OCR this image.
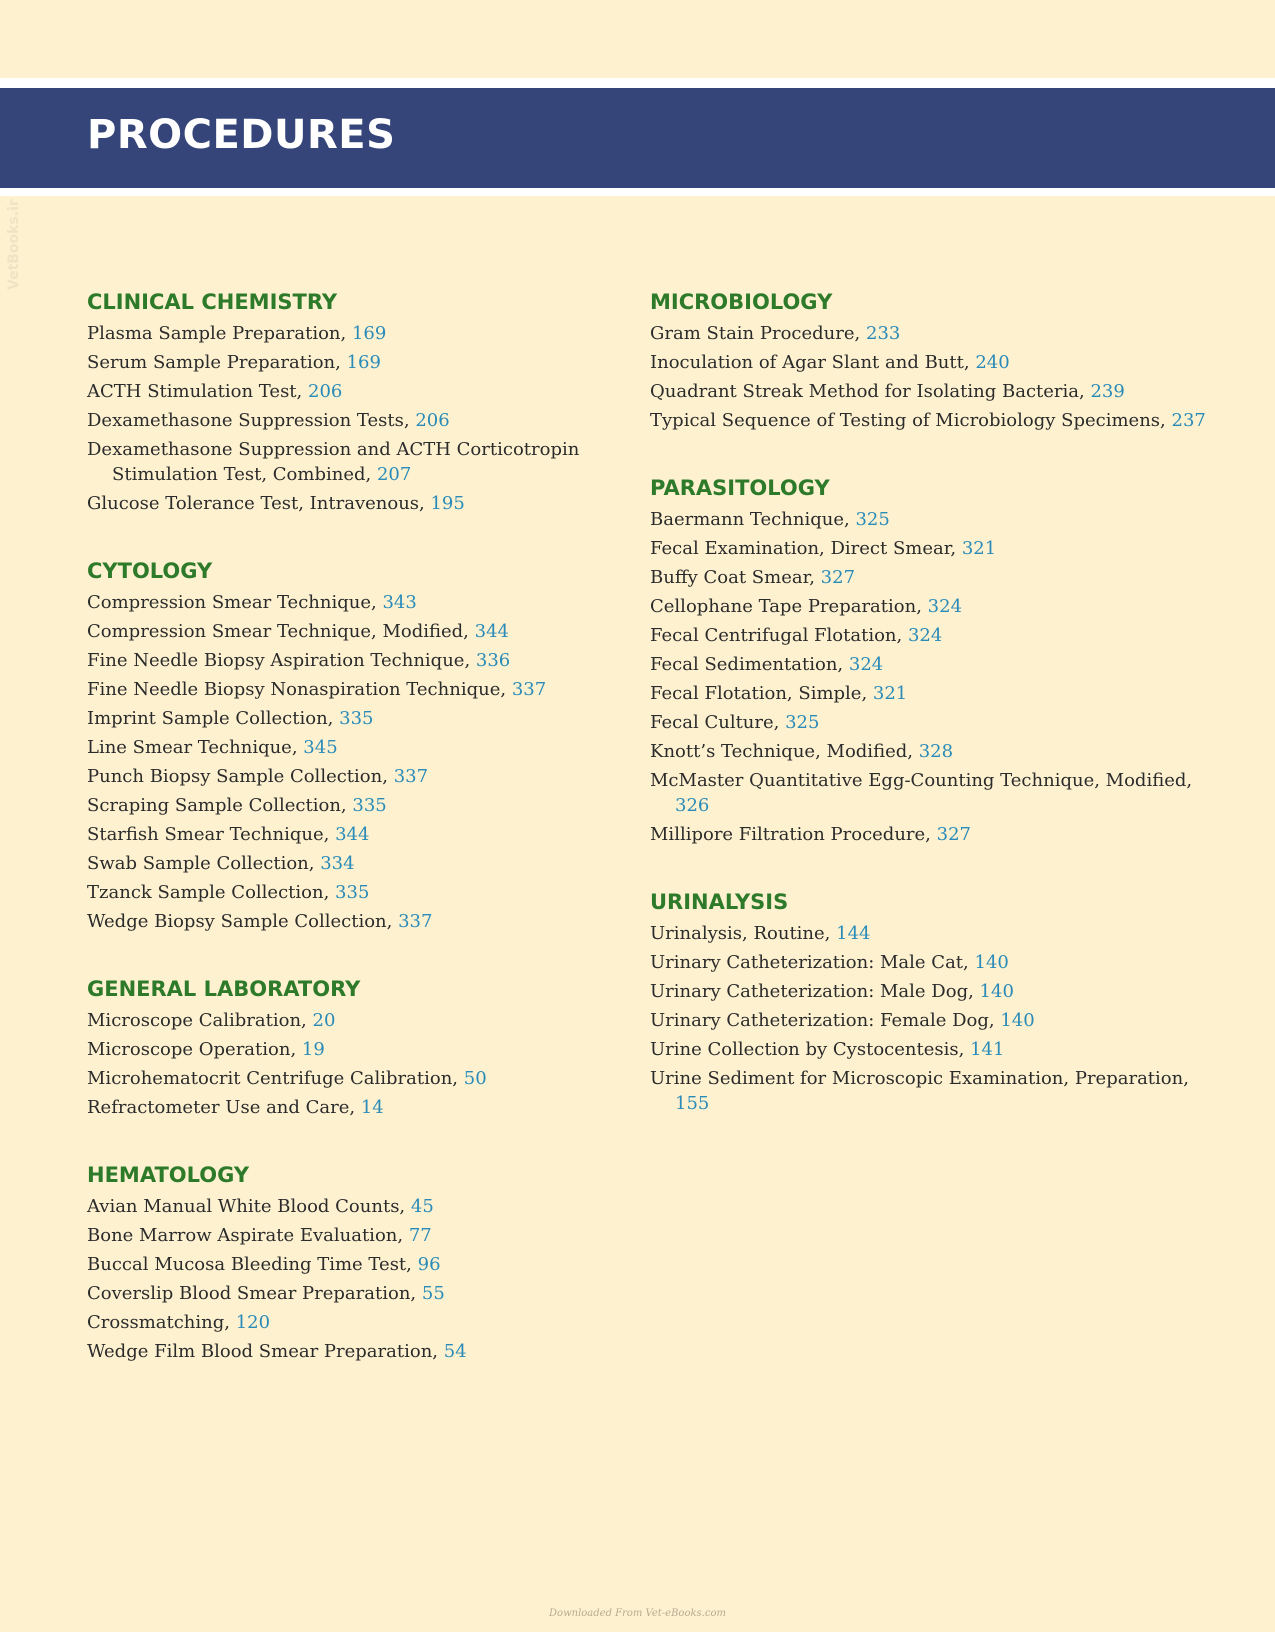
PROCEDURES
VetBooks.ir
CLINICAL CHEMISTRY
Plasma Sample Preparation, 169
Serum Sample Preparation, 169
ACTH Stimulation Test, 206
Dexamethasone Suppression Tests, 206
Dexamethasone Suppression and ACTH Corticotropin Stimulation Test, Combined, 207
Glucose Tolerance Test, Intravenous, 195
CYTOLOGY
Compression Smear Technique, 343
Compression Smear Technique, Modified, 344
Fine Needle Biopsy Aspiration Technique, 336
Fine Needle Biopsy Nonaspiration Technique, 337
Imprint Sample Collection, 335
Line Smear Technique, 345
Punch Biopsy Sample Collection, 337
Scraping Sample Collection, 335
Starfish Smear Technique, 344
Swab Sample Collection, 334
Tzanck Sample Collection, 335
Wedge Biopsy Sample Collection, 337
GENERAL LABORATORY
Microscope Calibration, 20
Microscope Operation, 19
Microhematocrit Centrifuge Calibration, 50
Refractometer Use and Care, 14
HEMATOLOGY
Avian Manual White Blood Counts, 45
Bone Marrow Aspirate Evaluation, 77
Buccal Mucosa Bleeding Time Test, 96
Coverslip Blood Smear Preparation, 55
Crossmatching, 120
Wedge Film Blood Smear Preparation, 54
MICROBIOLOGY
Gram Stain Procedure, 233
Inoculation of Agar Slant and Butt, 240
Quadrant Streak Method for Isolating Bacteria, 239
Typical Sequence of Testing of Microbiology Specimens, 237
PARASITOLOGY
Baermann Technique, 325
Fecal Examination, Direct Smear, 321
Buffy Coat Smear, 327
Cellophane Tape Preparation, 324
Fecal Centrifugal Flotation, 324
Fecal Sedimentation, 324
Fecal Flotation, Simple, 321
Fecal Culture, 325
Knott’s Technique, Modified, 328
McMaster Quantitative Egg-Counting Technique, Modified, 326
Millipore Filtration Procedure, 327
URINALYSIS
Urinalysis, Routine, 144
Urinary Catheterization: Male Cat, 140
Urinary Catheterization: Male Dog, 140
Urinary Catheterization: Female Dog, 140
Urine Collection by Cystocentesis, 141
Urine Sediment for Microscopic Examination, Preparation, 155
Downloaded From Vet-eBooks.com
